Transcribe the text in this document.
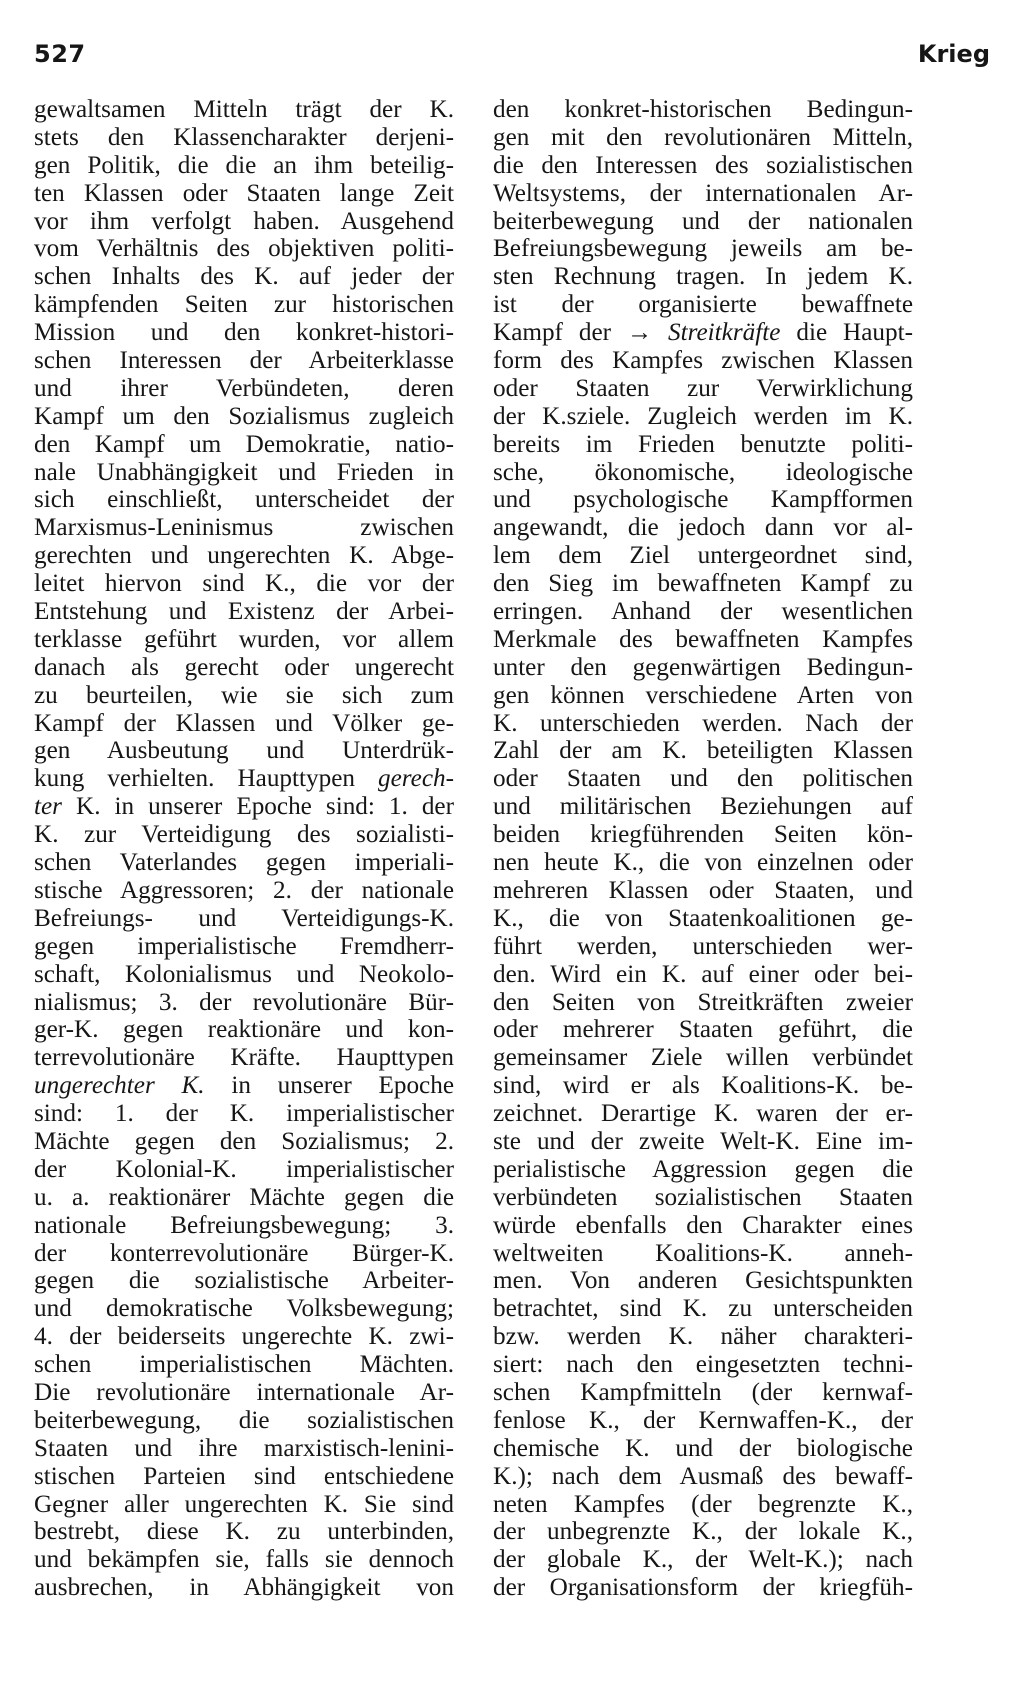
527	Krieg
gewaltsamen Mitteln trägt der K.
stets den Klassencharakter derjeni-
gen Politik, die die an ihm beteilig-
ten Klassen oder Staaten lange Zeit
vor ihm verfolgt haben. Ausgehend
vom Verhältnis des objektiven politi-
schen Inhalts des K. auf jeder der
kämpfenden Seiten zur historischen
Mission und den konkret-histori-
schen Interessen der Arbeiterklasse
und ihrer Verbündeten, deren
Kampf um den Sozialismus zugleich
den Kampf um Demokratie, natio-
nale Unabhängigkeit und Frieden in
sich einschließt, unterscheidet der
Marxismus-Leninismus zwischen
gerechten und ungerechten K. Abge-
leitet hiervon sind K., die vor der
Entstehung und Existenz der Arbei-
terklasse geführt wurden, vor allem
danach als gerecht oder ungerecht
zu beurteilen, wie sie sich zum
Kampf der Klassen und Völker ge-
gen Ausbeutung und Unterdrük-
kung verhielten. Haupttypen gerech-
ter K. in unserer Epoche sind: 1. der
K. zur Verteidigung des sozialisti-
schen Vaterlandes gegen imperiali-
stische Aggressoren; 2. der nationale
Befreiungs- und Verteidigungs-K.
gegen imperialistische Fremdherr-
schaft, Kolonialismus und Neokolo-
nialismus; 3. der revolutionäre Bür-
ger-K. gegen reaktionäre und kon-
terrevolutionäre Kräfte. Haupttypen
ungerechter K. in unserer Epoche
sind: 1. der K. imperialistischer
Mächte gegen den Sozialismus; 2.
der Kolonial-K. imperialistischer
u. a. reaktionärer Mächte gegen die
nationale Befreiungsbewegung; 3.
der konterrevolutionäre Bürger-K.
gegen die sozialistische Arbeiter-
und demokratische Volksbewegung;
4. der beiderseits ungerechte K. zwi-
schen imperialistischen Mächten.
Die revolutionäre internationale Ar-
beiterbewegung, die sozialistischen
Staaten und ihre marxistisch-lenini-
stischen Parteien sind entschiedene
Gegner aller ungerechten K. Sie sind
bestrebt, diese K. zu unterbinden,
und bekämpfen sie, falls sie dennoch
ausbrechen, in Abhängigkeit von
den konkret-historischen Bedingun-
gen mit den revolutionären Mitteln,
die den Interessen des sozialistischen
Weltsystems, der internationalen Ar-
beiterbewegung und der nationalen
Befreiungsbewegung jeweils am be-
sten Rechnung tragen. In jedem K.
ist der organisierte bewaffnete
Kampf der → Streitkräfte die Haupt-
form des Kampfes zwischen Klassen
oder Staaten zur Verwirklichung
der K.sziele. Zugleich werden im K.
bereits im Frieden benutzte politi-
sche, ökonomische, ideologische
und psychologische Kampfformen
angewandt, die jedoch dann vor al-
lem dem Ziel untergeordnet sind,
den Sieg im bewaffneten Kampf zu
erringen. Anhand der wesentlichen
Merkmale des bewaffneten Kampfes
unter den gegenwärtigen Bedingun-
gen können verschiedene Arten von
K. unterschieden werden. Nach der
Zahl der am K. beteiligten Klassen
oder Staaten und den politischen
und militärischen Beziehungen auf
beiden kriegführenden Seiten kön-
nen heute K., die von einzelnen oder
mehreren Klassen oder Staaten, und
K., die von Staatenkoalitionen ge-
führt werden, unterschieden wer-
den. Wird ein K. auf einer oder bei-
den Seiten von Streitkräften zweier
oder mehrerer Staaten geführt, die
gemeinsamer Ziele willen verbündet
sind, wird er als Koalitions-K. be-
zeichnet. Derartige K. waren der er-
ste und der zweite Welt-K. Eine im-
perialistische Aggression gegen die
verbündeten sozialistischen Staaten
würde ebenfalls den Charakter eines
weltweiten Koalitions-K. anneh-
men. Von anderen Gesichtspunkten
betrachtet, sind K. zu unterscheiden
bzw. werden K. näher charakteri-
siert: nach den eingesetzten techni-
schen Kampfmitteln (der kernwaf-
fenlose K., der Kernwaffen-K., der
chemische K. und der biologische
K.); nach dem Ausmaß des bewaff-
neten Kampfes (der begrenzte K.,
der unbegrenzte K., der lokale K.,
der globale K., der Welt-K.); nach
der Organisationsform der kriegfüh-
